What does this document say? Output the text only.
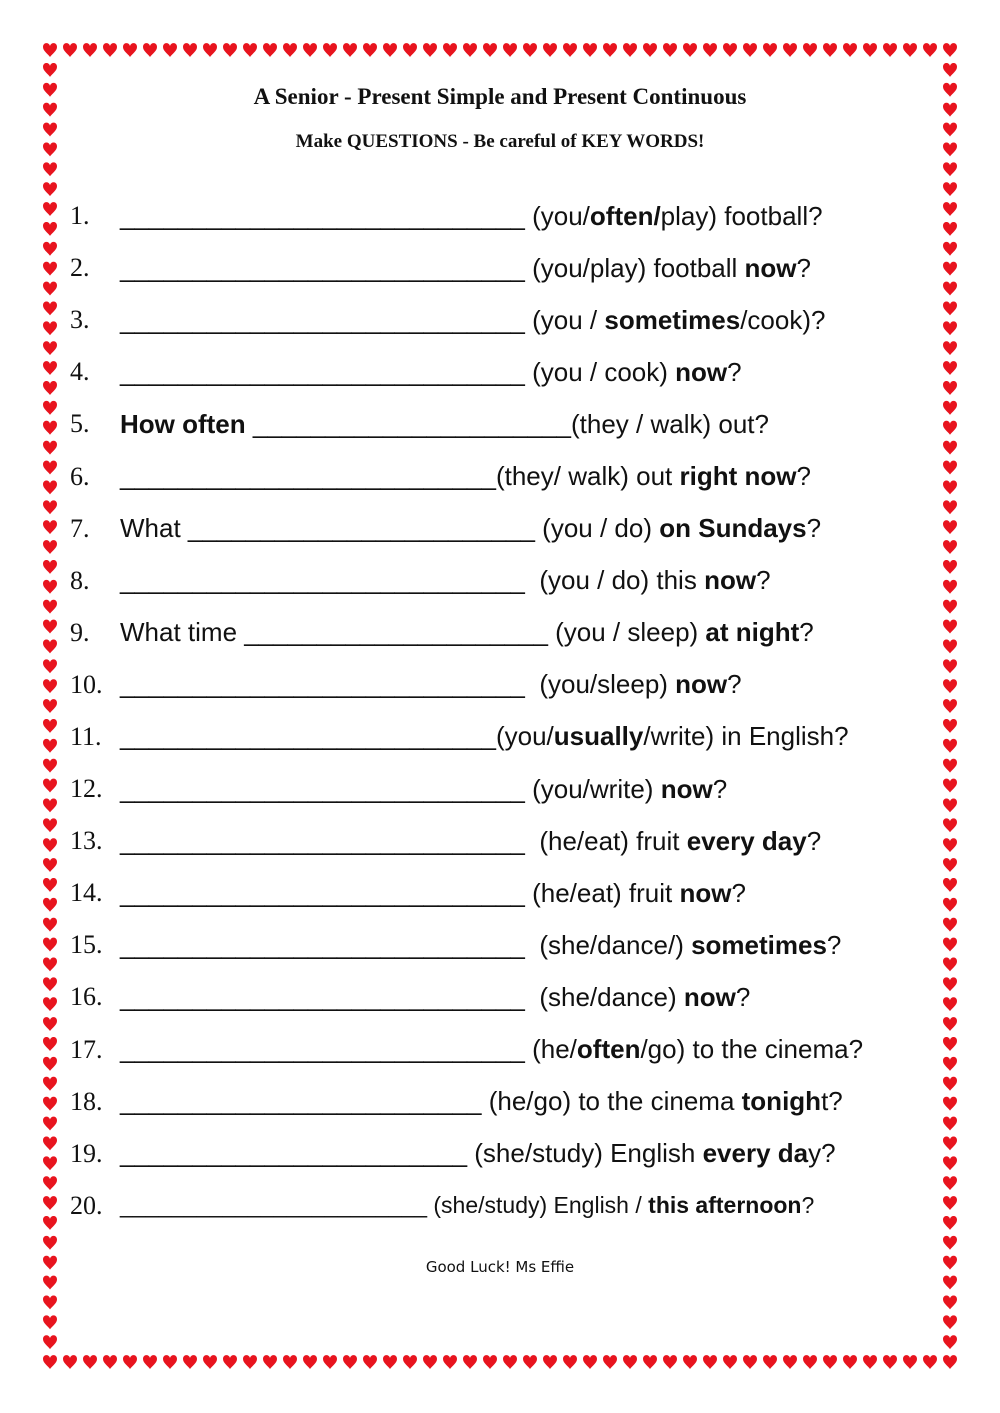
A Senior - Present Simple and Present Continuous
Make QUESTIONS - Be careful of KEY WORDS!
1.	____________________________ (you/ often/ play) football?
2.	____________________________ (you/play) football now ?
3.	____________________________ (you / sometimes /cook)?
4.	____________________________ (you / cook) now ?
5.	How often ______________________(they / walk) out?
6.	__________________________(they/ walk) out right now ?
7.	What ________________________ (you / do) on Sundays ?
8.	____________________________  (you / do) this now ?
9.	What time _____________________ (you / sleep) at night ?
10. ____________________________  (you/sleep) now ?
11. __________________________(you/ usually /write) in English?
12. ____________________________ (you/write) now ?
13. ____________________________  (he/eat) fruit every day ?
14. ____________________________ (he/eat) fruit now ?
15. ____________________________  (she/dance/) sometimes ?
16. ____________________________  (she/dance) now ?
17. ____________________________ (he/ often /go) to the cinema?
18. _________________________ (he/go) to the cinema tonigh t?
19. ________________________ (she/study) English every da y?
20. ________________________ (she/study) English / this afternoon ?

Good Luck! Ms Effie
